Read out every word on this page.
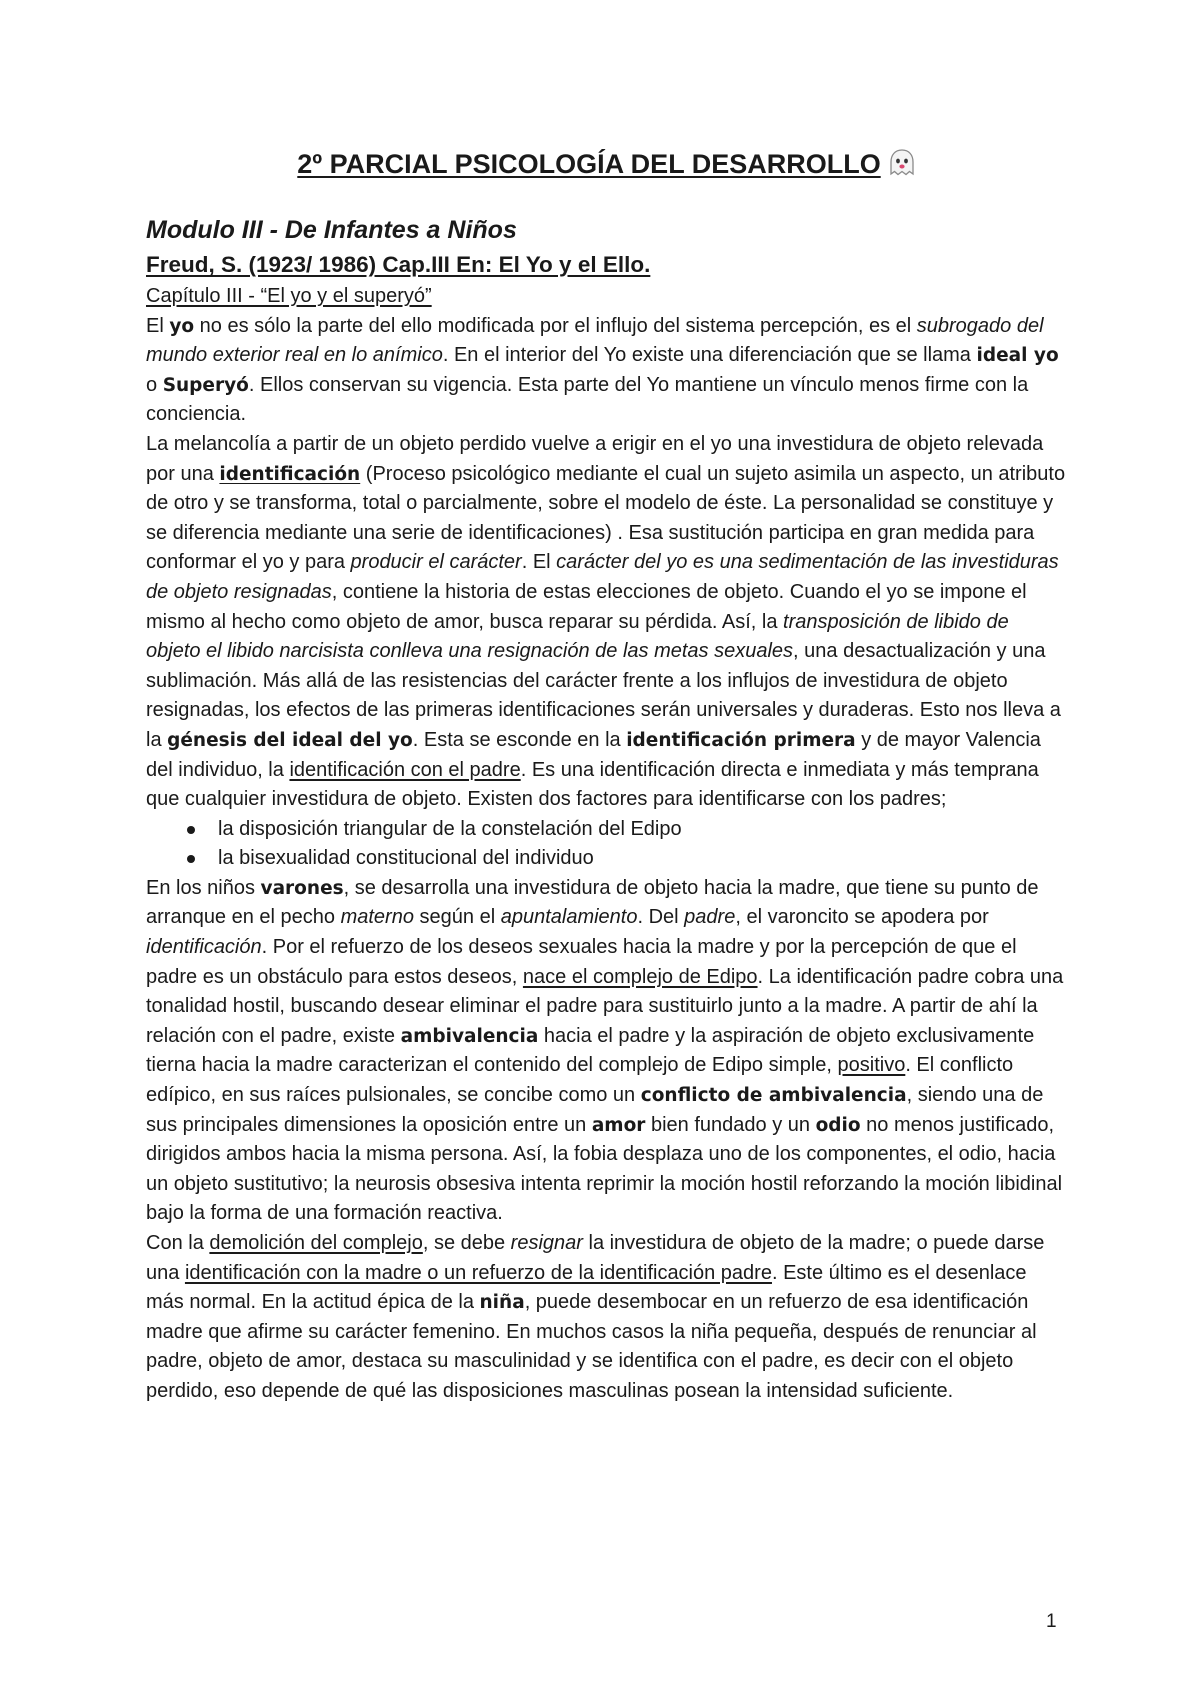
2º PARCIAL PSICOLOGÍA DEL DESARROLLO
Modulo III - De Infantes a Niños
Freud, S. (1923/ 1986) Cap.III En: El Yo y el Ello.

Capítulo III - “El yo y el superyó”

El yo no es sólo la parte del ello modificada por el influjo del sistema percepción, es el subrogado del mundo exterior real en lo anímico. En el interior del Yo existe una diferenciación que se llama ideal yo o Superyó. Ellos conservan su vigencia. Esta parte del Yo mantiene un vínculo menos firme con la conciencia.

La melancolía a partir de un objeto perdido vuelve a erigir en el yo una investidura de objeto relevada por una identificación (Proceso psicológico mediante el cual un sujeto asimila un aspecto, un atributo de otro y se transforma, total o parcialmente, sobre el modelo de éste. La personalidad se constituye y se diferencia mediante una serie de identificaciones) . Esa sustitución participa en gran medida para conformar el yo y para producir el carácter. El carácter del yo es una sedimentación de las investiduras de objeto resignadas, contiene la historia de estas elecciones de objeto. Cuando el yo se impone el mismo al hecho como objeto de amor, busca reparar su pérdida. Así, la transposición de libido de objeto el libido narcisista conlleva una resignación de las metas sexuales, una desactualización y una sublimación. Más allá de las resistencias del carácter frente a los influjos de investidura de objeto resignadas, los efectos de las primeras identificaciones serán universales y duraderas. Esto nos lleva a la génesis del ideal del yo. Esta se esconde en la identificación primera y de mayor Valencia del individuo, la identificación con el padre. Es una identificación directa e inmediata y más temprana que cualquier investidura de objeto. Existen dos factores para identificarse con los padres;

la disposición triangular de la constelación del Edipo
la bisexualidad constitucional del individuo

En los niños varones, se desarrolla una investidura de objeto hacia la madre, que tiene su punto de arranque en el pecho materno según el apuntalamiento. Del padre, el varoncito se apodera por identificación. Por el refuerzo de los deseos sexuales hacia la madre y por la percepción de que el padre es un obstáculo para estos deseos, nace el complejo de Edipo. La identificación padre cobra una tonalidad hostil, buscando desear eliminar el padre para sustituirlo junto a la madre. A partir de ahí la relación con el padre, existe ambivalencia hacia el padre y la aspiración de objeto exclusivamente tierna hacia la madre caracterizan el contenido del complejo de Edipo simple, positivo. El conflicto edípico, en sus raíces pulsionales, se concibe como un conflicto de ambivalencia, siendo una de sus principales dimensiones la oposición entre un amor bien fundado y un odio no menos justificado, dirigidos ambos hacia la misma persona. Así, la fobia desplaza uno de los componentes, el odio, hacia un objeto sustitutivo; la neurosis obsesiva intenta reprimir la moción hostil reforzando la moción libidinal bajo la forma de una formación reactiva.

Con la demolición del complejo, se debe resignar la investidura de objeto de la madre; o puede darse una identificación con la madre o un refuerzo de la identificación padre. Este último es el desenlace más normal. En la actitud épica de la niña, puede desembocar en un refuerzo de esa identificación madre que afirme su carácter femenino. En muchos casos la niña pequeña, después de renunciar al padre, objeto de amor, destaca su masculinidad y se identifica con el padre, es decir con el objeto perdido, eso depende de qué las disposiciones masculinas posean la intensidad suficiente.

1
